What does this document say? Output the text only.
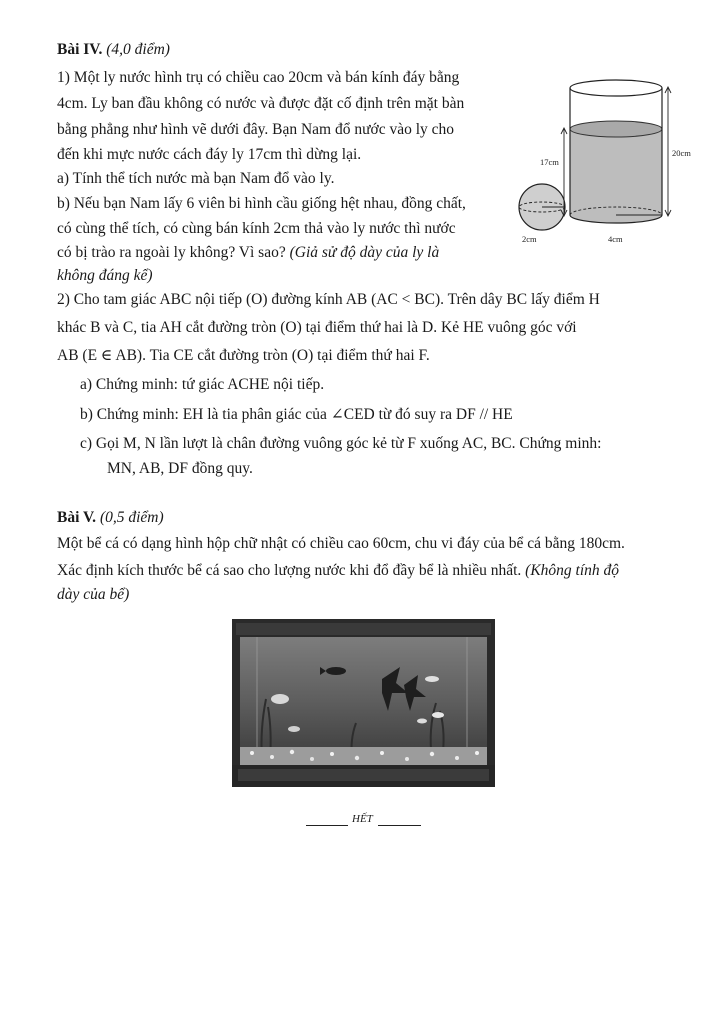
Bài IV. (4,0 điểm)
1) Một ly nước hình trụ có chiều cao 20cm và bán kính đáy bằng
4cm. Ly ban đầu không có nước và được đặt cố định trên mặt bàn
bằng phẳng như hình vẽ dưới đây. Bạn Nam đổ nước vào ly cho
đến khi mực nước cách đáy ly 17cm thì dừng lại.
a) Tính thể tích nước mà bạn Nam đổ vào ly.
b) Nếu bạn Nam lấy 6 viên bi hình cầu giống hệt nhau, đồng chất,
có cùng thể tích, có cùng bán kính 2cm thả vào ly nước thì nước
có bị trào ra ngoài ly không? Vì sao? (Giả sử độ dày của ly là
không đáng kể)
17cm
20cm
2cm	4cm
2) Cho tam giác ABC nội tiếp (O) đường kính AB (AC < BC). Trên dây BC lấy điểm H
khác B và C, tia AH cắt đường tròn (O) tại điểm thứ hai là D. Kẻ HE vuông góc với
AB (E ∈ AB). Tia CE cắt đường tròn (O) tại điểm thứ hai F.
a) Chứng minh: tứ giác ACHE nội tiếp.
b) Chứng minh: EH là tia phân giác của ∠CED từ đó suy ra DF // HE
c) Gọi M, N lần lượt là chân đường vuông góc kẻ từ F xuống AC, BC. Chứng minh:
MN, AB, DF đồng quy.
Bài V. (0,5 điểm)
Một bể cá có dạng hình hộp chữ nhật có chiều cao 60cm, chu vi đáy của bể cá bằng 180cm.
Xác định kích thước bể cá sao cho lượng nước khi đổ đầy bể là nhiều nhất. (Không tính độ
dày của bể)
HẾT
